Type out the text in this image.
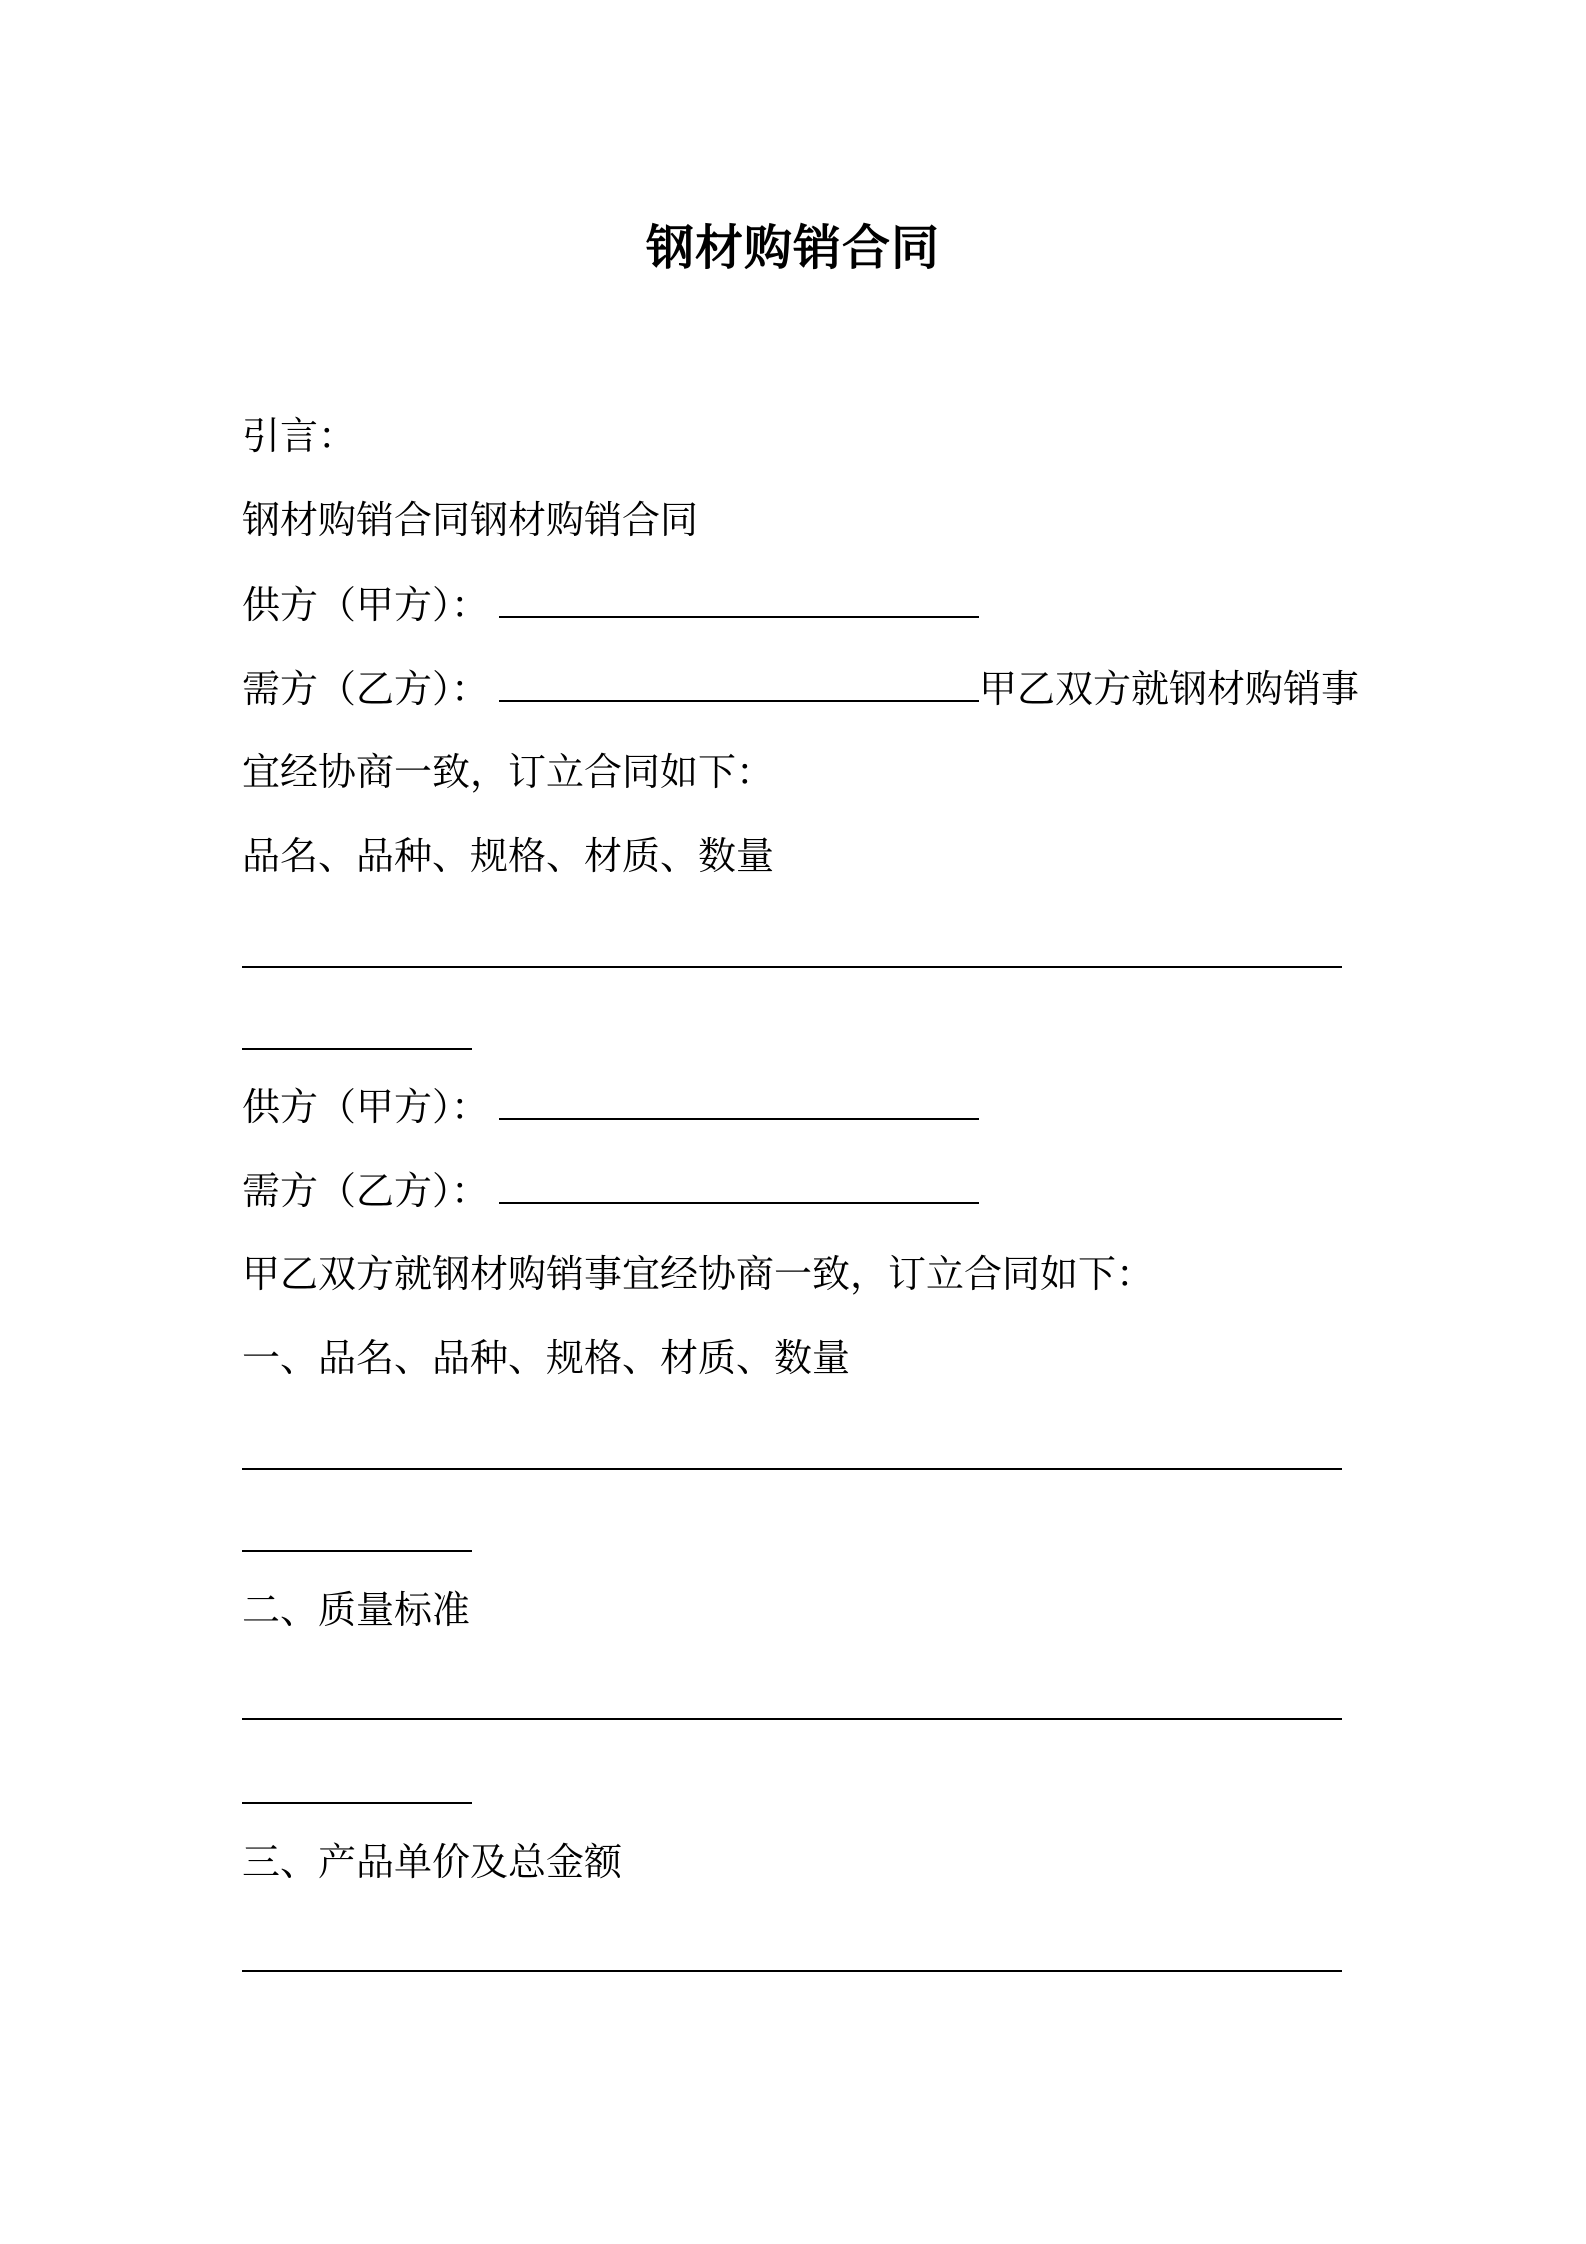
钢材购销合同
引言：
钢材购销合同钢材购销合同
供方（甲方）：
需方（乙方）：	甲乙双方就钢材购销事
宜经协商一致，订立合同如下：
品名、品种、规格、材质、数量
供方（甲方）：
需方（乙方）：
甲乙双方就钢材购销事宜经协商一致，订立合同如下：
一、品名、品种、规格、材质、数量
二、质量标准
三、产品单价及总金额
